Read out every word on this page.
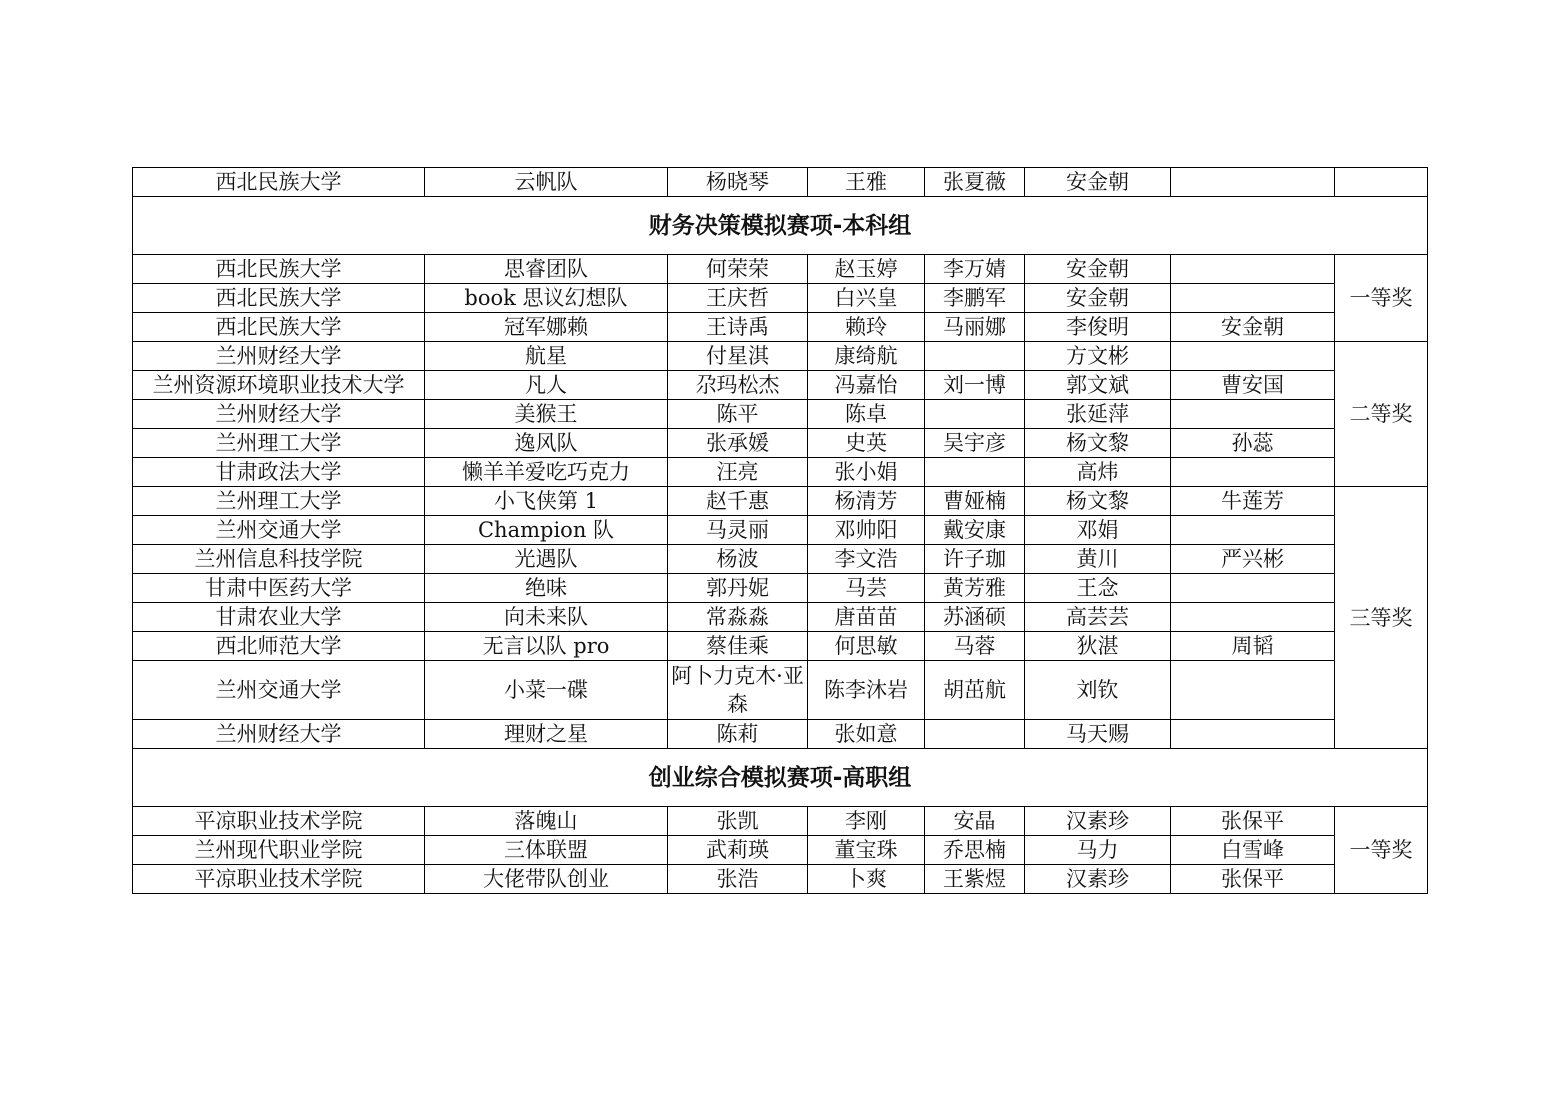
西北民族大学	云帆队	杨晓琴	王雅	张夏薇	安金朝		
财务决策模拟赛项-本科组							
西北民族大学	思睿团队	何荣荣	赵玉婷	李万婧	安金朝		一等奖
西北民族大学	book 思议幻想队	王庆哲	白兴皇	李鹏军	安金朝		
西北民族大学	冠军娜赖	王诗禹	赖玲	马丽娜	李俊明	安金朝	
兰州财经大学	航星	付星淇	康绮航		方文彬		二等奖
兰州资源环境职业技术大学	凡人	尕玛松杰	冯嘉怡	刘一博	郭文斌	曹安国	
兰州财经大学	美猴王	陈平	陈卓		张延萍		
兰州理工大学	逸风队	张承媛	史英	吴宇彦	杨文黎	孙蕊	
甘肃政法大学	懒羊羊爱吃巧克力	汪亮	张小娟		高炜		
兰州理工大学	小飞侠第 1	赵千惠	杨清芳	曹娅楠	杨文黎	牛莲芳	三等奖
兰州交通大学	Champion 队	马灵丽	邓帅阳	戴安康	邓娟		
兰州信息科技学院	光遇队	杨波	李文浩	许子珈	黄川	严兴彬	
甘肃中医药大学	绝味	郭丹妮	马芸	黄芳雅	王念		
甘肃农业大学	向未来队	常淼淼	唐苗苗	苏涵硕	高芸芸		
西北师范大学	无言以队 pro	蔡佳乘	何思敏	马蓉	狄湛	周韬	
兰州交通大学	小菜一碟	阿卜力克木·亚森	陈李沐岩	胡茁航	刘钦		
兰州财经大学	理财之星	陈莉	张如意		马天赐		
创业综合模拟赛项-高职组							
平凉职业技术学院	落魄山	张凯	李刚	安晶	汉素珍	张保平	一等奖
兰州现代职业学院	三体联盟	武莉瑛	董宝珠	乔思楠	马力	白雪峰	
平凉职业技术学院	大佬带队创业	张浩	卜爽	王紫煜	汉素珍	张保平	
